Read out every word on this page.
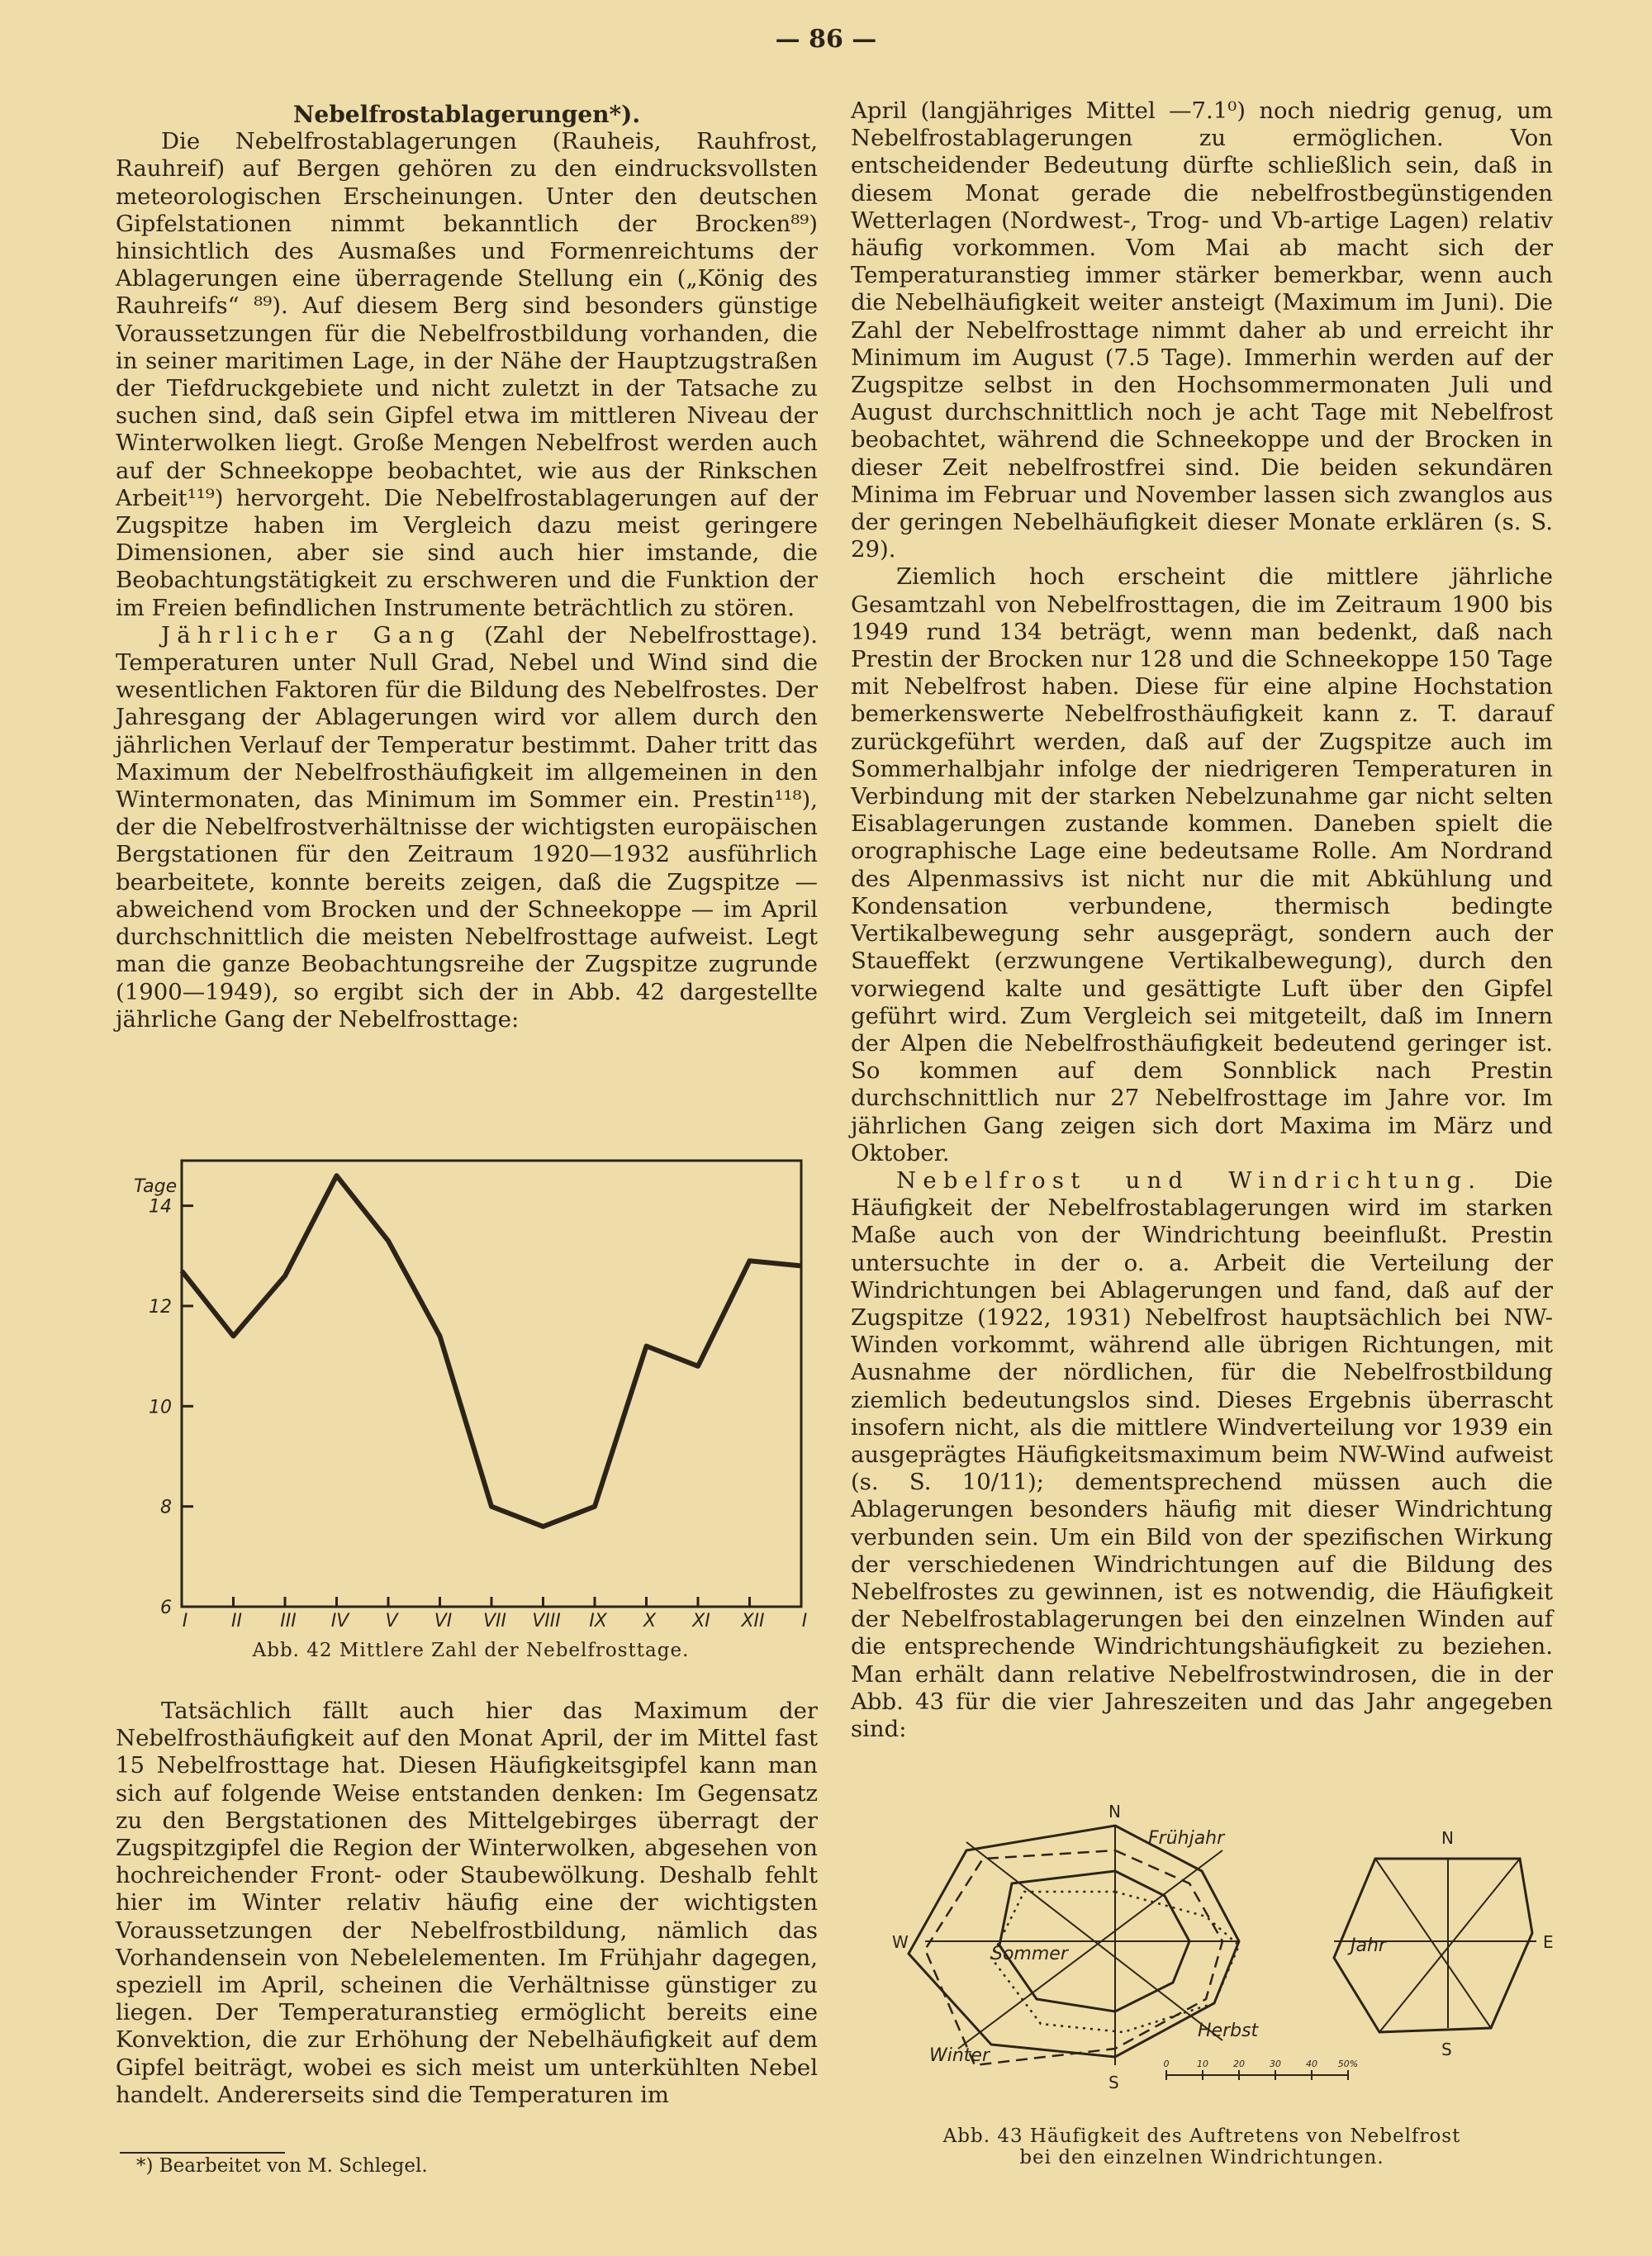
— 86 —

Nebelfrostablagerungen*).

Die Nebelfrostablagerungen (Rauheis, Rauhfrost, Rauhreif) auf Bergen gehören zu den eindrucksvollsten meteorologischen Erscheinungen. Unter den deutschen Gipfelstationen nimmt bekanntlich der Brocken⁸⁹) hinsichtlich des Ausmaßes und Formenreichtums der Ablagerungen eine überragende Stellung ein („König des Rauhreifs“ ⁸⁹). Auf diesem Berg sind besonders günstige Voraussetzungen für die Nebelfrostbildung vorhanden, die in seiner maritimen Lage, in der Nähe der Hauptzugstraßen der Tiefdruckgebiete und nicht zuletzt in der Tatsache zu suchen sind, daß sein Gipfel etwa im mittleren Niveau der Winterwolken liegt. Große Mengen Nebelfrost werden auch auf der Schneekoppe beobachtet, wie aus der Rinkschen Arbeit¹¹⁹) hervorgeht. Die Nebelfrostablagerungen auf der Zugspitze haben im Vergleich dazu meist geringere Dimensionen, aber sie sind auch hier imstande, die Beobachtungstätigkeit zu erschweren und die Funktion der im Freien befindlichen Instrumente beträchtlich zu stören.

Jährlicher Gang (Zahl der Nebelfrosttage). Temperaturen unter Null Grad, Nebel und Wind sind die wesentlichen Faktoren für die Bildung des Nebelfrostes. Der Jahresgang der Ablagerungen wird vor allem durch den jährlichen Verlauf der Temperatur bestimmt. Daher tritt das Maximum der Nebelfrosthäufigkeit im allgemeinen in den Wintermonaten, das Minimum im Sommer ein. Prestin¹¹⁸), der die Nebelfrostverhältnisse der wichtigsten europäischen Bergstationen für den Zeitraum 1920—1932 ausführlich bearbeitete, konnte bereits zeigen, daß die Zugspitze — abweichend vom Brocken und der Schneekoppe — im April durchschnittlich die meisten Nebelfrosttage aufweist. Legt man die ganze Beobachtungsreihe der Zugspitze zugrunde (1900—1949), so ergibt sich der in Abb. 42 dargestellte jährliche Gang der Nebelfrosttage:

Tage
6
8
10
12
14
I II III IV V VI VII VIII IX X XI XII I
Abb. 42 Mittlere Zahl der Nebelfrosttage.

Tatsächlich fällt auch hier das Maximum der Nebelfrosthäufigkeit auf den Monat April, der im Mittel fast 15 Nebelfrosttage hat. Diesen Häufigkeitsgipfel kann man sich auf folgende Weise entstanden denken: Im Gegensatz zu den Bergstationen des Mittelgebirges überragt der Zugspitzgipfel die Region der Winterwolken, abgesehen von hochreichender Front- oder Staubewölkung. Deshalb fehlt hier im Winter relativ häufig eine der wichtigsten Voraussetzungen der Nebelfrostbildung, nämlich das Vorhandensein von Nebelelementen. Im Frühjahr dagegen, speziell im April, scheinen die Verhältnisse günstiger zu liegen. Der Temperaturanstieg ermöglicht bereits eine Konvektion, die zur Erhöhung der Nebelhäufigkeit auf dem Gipfel beiträgt, wobei es sich meist um unterkühlten Nebel handelt. Andererseits sind die Temperaturen im

*) Bearbeitet von M. Schlegel.

April (langjähriges Mittel —7.1⁰) noch niedrig genug, um Nebelfrostablagerungen zu ermöglichen. Von entscheidender Bedeutung dürfte schließlich sein, daß in diesem Monat gerade die nebelfrostbegünstigenden Wetterlagen (Nordwest-, Trog- und Vb-artige Lagen) relativ häufig vorkommen. Vom Mai ab macht sich der Temperaturanstieg immer stärker bemerkbar, wenn auch die Nebelhäufigkeit weiter ansteigt (Maximum im Juni). Die Zahl der Nebelfrosttage nimmt daher ab und erreicht ihr Minimum im August (7.5 Tage). Immerhin werden auf der Zugspitze selbst in den Hochsommermonaten Juli und August durchschnittlich noch je acht Tage mit Nebelfrost beobachtet, während die Schneekoppe und der Brocken in dieser Zeit nebelfrostfrei sind. Die beiden sekundären Minima im Februar und November lassen sich zwanglos aus der geringen Nebelhäufigkeit dieser Monate erklären (s. S. 29).

Ziemlich hoch erscheint die mittlere jährliche Gesamtzahl von Nebelfrosttagen, die im Zeitraum 1900 bis 1949 rund 134 beträgt, wenn man bedenkt, daß nach Prestin der Brocken nur 128 und die Schneekoppe 150 Tage mit Nebelfrost haben. Diese für eine alpine Hochstation bemerkenswerte Nebelfrosthäufigkeit kann z. T. darauf zurückgeführt werden, daß auf der Zugspitze auch im Sommerhalbjahr infolge der niedrigeren Temperaturen in Verbindung mit der starken Nebelzunahme gar nicht selten Eisablagerungen zustande kommen. Daneben spielt die orographische Lage eine bedeutsame Rolle. Am Nordrand des Alpenmassivs ist nicht nur die mit Abkühlung und Kondensation verbundene, thermisch bedingte Vertikalbewegung sehr ausgeprägt, sondern auch der Staueffekt (erzwungene Vertikalbewegung), durch den vorwiegend kalte und gesättigte Luft über den Gipfel geführt wird. Zum Vergleich sei mitgeteilt, daß im Innern der Alpen die Nebelfrosthäufigkeit bedeutend geringer ist. So kommen auf dem Sonnblick nach Prestin durchschnittlich nur 27 Nebelfrosttage im Jahre vor. Im jährlichen Gang zeigen sich dort Maxima im März und Oktober.

Nebelfrost und Windrichtung. Die Häufigkeit der Nebelfrostablagerungen wird im starken Maße auch von der Windrichtung beeinflußt. Prestin untersuchte in der o. a. Arbeit die Verteilung der Windrichtungen bei Ablagerungen und fand, daß auf der Zugspitze (1922, 1931) Nebelfrost hauptsächlich bei NW-Winden vorkommt, während alle übrigen Richtungen, mit Ausnahme der nördlichen, für die Nebelfrostbildung ziemlich bedeutungslos sind. Dieses Ergebnis überrascht insofern nicht, als die mittlere Windverteilung vor 1939 ein ausgeprägtes Häufigkeitsmaximum beim NW-Wind aufweist (s. S. 10/11); dementsprechend müssen auch die Ablagerungen besonders häufig mit dieser Windrichtung verbunden sein. Um ein Bild von der spezifischen Wirkung der verschiedenen Windrichtungen auf die Bildung des Nebelfrostes zu gewinnen, ist es notwendig, die Häufigkeit der Nebelfrostablagerungen bei den einzelnen Winden auf die entsprechende Windrichtungshäufigkeit zu beziehen. Man erhält dann relative Nebelfrostwindrosen, die in der Abb. 43 für die vier Jahreszeiten und das Jahr angegeben sind:

N
W
S
Frühjahr
Sommer
Herbst
Winter	0	10	20	30	40 50%
N
E
S
Jahr
Abb. 43 Häufigkeit des Auftretens von Nebelfrost
bei den einzelnen Windrichtungen.
